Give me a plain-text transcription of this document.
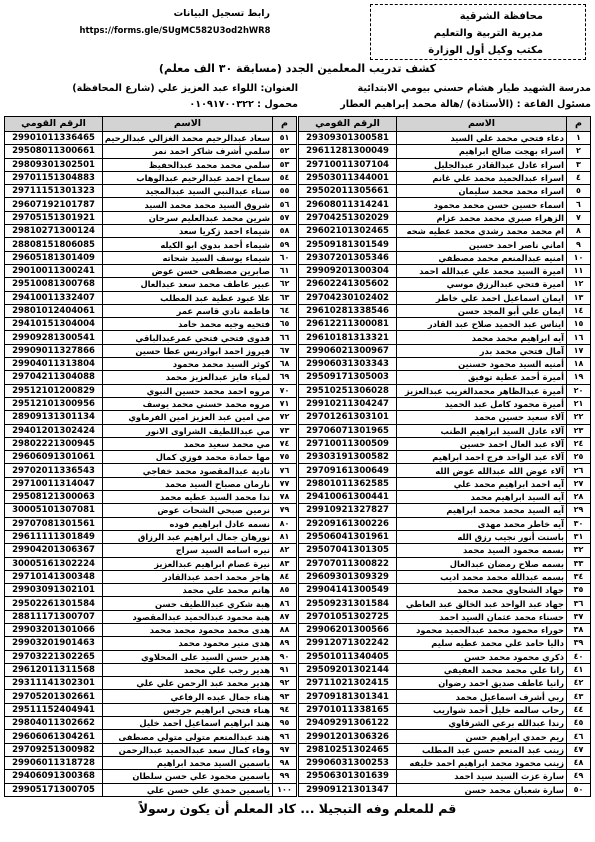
رابط تسجيل البيانات
https://forms.gle/SUgMC582U3od2hWR8
محافظة الشرقية
مديرية التربية والتعليم
مكتب وكيل أول الوزارة
كشف تدريب المعلمين الجدد (مسابقة ٣٠ الف معلم)
مدرسة الشهيد طيار هشام حسني بيومي الابتدائية
مسئول القاعة : (الأستاذة) /هالة محمد إبراهيم العطار
العنوان: اللواء عبد العزيز علي (شارع المحافظة)
محمول : ٠١٠٩١٧٠٠٣٢٢
م	الاسم	الرقم القومي
١	دعاء فتحي محمد علي السيد	29309301300581
٢	اسراء بهجت صالح ابراهيم	29611281300049
٣	اسراء عادل عبدالقادر عبدالجليل	29710011307104
٤	اسراء عبدالحميد محمد علي غانم	29503011344001
٥	اسراء محمد محمد سليمان	29502011305661
٦	اسماء حسين حسن محمد محمود	29608011314241
٧	الزهراء صبري محمد محمد عزام	29704251302029
٨	ام محمد محمد رشدي محمد عطيه شحه	29602101302465
٩	اماني ناصر احمد حسين	29509181301549
١٠	امنيه عبدالمنعم محمد مصطفي	29307201305346
١١	اميرة السيد محمد علي عبدالله احمد	29909201300304
١٢	اميرة فتحي عبدالرزق موسي	29602241305602
١٣	ايمان اسماعيل احمد علي خاطر	29704230102402
١٤	ايمان علي أبو المجد حسن	29610281338546
١٥	ايناس عبد الحميد صلاح عبد القادر	29612211300081
١٦	آيه ابراهيم محمد محمد	29610181313321
١٧	آمال فتحي محمد بدر	29906021300967
١٨	أمنيه السيد محمود حسنين	29906031303343
١٩	أميرة أحمد عطية توفيق	29509171305003
٢٠	أميرة عبدالظاهر محمدالغريب عبدالعزيز	29510251306028
٢١	أميرة محمود كامل عبد الحميد	29910211304247
٢٢	آلاء سعيد حسين محمد	29701261303101
٢٣	آلاء عادل السيد ابراهيم الطنب	29706071301965
٢٤	آلاء عبد العال احمد حسين	29710011300509
٢٥	آلاء عبد الواحد فرج احمد ابراهيم	29303191300582
٢٦	آلاء عوض الله عبدالله عوض الله	29709161300649
٢٧	آيه احمد ابراهيم محمد علي	29801011362585
٢٨	آيه السيد ابراهيم محمد	29410061300441
٢٩	آيه السيد محمد محمد ابراهيم	29910921327827
٣٠	آيه خاطر محمد مهدى	29209161300226
٣١	باسنت أنور نجيب رزق الله	29506041301961
٣٢	بسمه محمود السيد محمد	29507041301305
٣٣	بسمه صلاح رمضان عبدالعال	29707011300822
٣٤	بسمه عبدالله محمد محمد اديب	29609301309329
٣٥	جهاد الشحاوي محمد محمد	29904141300549
٣٦	جهاد عبد الواحد عبد الخالق عبد العاطي	29509231301584
٣٧	حسناء محمد عثمان السيد احمد	29701051302725
٣٨	حوراء محمود محمد عبدالحميد محمود	29906201300566
٣٩	داليا حامد علي محمد عطيه سليم	29912071302242
٤٠	ذكري محمود محمد حسن	29501011340405
٤١	رانا علي محمد محمد العفيفي	29509201302144
٤٢	رانيا عاطف صديق احمد رضوان	29711021302415
٤٣	ربي أشرف اسماعيل محمد	29709181301341
٤٤	رحاب سالمه خليل أحمد شواريب	29701011338165
٤٥	رندا عبدالله برعي الشرقاوي	29409291306122
٤٦	ريم حمدي ابراهيم حسن	29901201306326
٤٧	زينب عبد المنعم حسن عبد المطلب	29810251302465
٤٨	زينب محمود محمد ابراهيم احمد خليفه	29906031300253
٤٩	سارة عزت السيد سيد احمد	29506301301639
٥٠	سارة شعبان محمد حسن	29909121301347
م	الاسم	الرقم القومي
٥١	سعاد عبدالرحيم محمد الغزالي عبدالرحيم	29901011336465
٥٢	سلمي أشرف شاكر احمد نمر	29508011300661
٥٣	سلمي محمد محمد عبدالحفيظ	29809301302501
٥٤	سماح احمد عبدالرحيم عبدالوهاب	29701151304883
٥٥	سناء عبدالنبي السيد عبدالمجيد	29711151301323
٥٦	شروق السيد محمد محمد السيد	29607192101787
٥٧	شرين محمد عبدالعليم سرحان	29705151301921
٥٨	شيماء احمد زكريا سعد	29810271300124
٥٩	شيماء أحمد بدوي ابو الكيله	28808151806085
٦٠	شيماء يوسف السيد شحاته	29605181301409
٦١	صابرين مصطفى حسن عوض	29010011300241
٦٢	عبير عاطف محمد سعد عبدالعال	29510081300768
٦٣	علا عبود عطية عبد المطلب	29410011332407
٦٤	فاطمة نادي قاسم عمر	29801012404061
٦٥	فتحيه وجيه محمد حامد	29410151304004
٦٦	فدوى فتحي فتحي عمرعبدالباقي	29909281300541
٦٧	فيروز احمد ابوادريس عطا حسين	29909011327866
٦٨	كوثر السيد محمد محمود	29904011313804
٦٩	لمياء فايز عبدالعزيز محمد	29704211304088
٧٠	مروه احمد محمد حسين النبوي	29512101200829
٧١	مروه محمد حسني محمد يوسف	29512101300956
٧٢	مي امين عبد العزيز امين الفرماوي	28909131301134
٧٣	مي عبداللطيف الشراوى الانور	29401201302424
٧٤	مي محمد سعيد محمد	29802221300945
٧٥	مها حمادة محمد فوزي كمال	29606091301061
٧٦	نادية عبدالمقصود محمد خفاجي	29702011336543
٧٧	نارمان مصباح السيد محمد	29710011314047
٧٨	ندا محمد السيد عطيه محمد	29508121300063
٧٩	نرمين صبحي الشحات عوض	30005101307081
٨٠	نسمه عادل ابراهيم فوده	29707081301561
٨١	نورهان جمال ابراهيم عبد الرزاق	29611111301849
٨٢	نيره اسامه السيد سراج	29904201306367
٨٣	نيرة عصام ابراهيم عبدالعزيز	30005161302224
٨٤	هاجر محمد احمد عبدالقادر	29710141300348
٨٥	هانم محمد علي محمد	29903091302101
٨٦	هبة شكري عبداللطيف حسن	29502261301584
٨٧	هبة محمود عبدالحميد عبدالمقصود	28811171300707
٨٨	هدى محمد محمود محمد محمد	29903201301066
٨٩	هدى منير محمود محمد	29903201901463
٩٠	هدير حسن السيد على المحلاوي	29703221302265
٩١	هدير رجب علي محمد	29612011311568
٩٢	هدير محمد عبد الرحمن علي علي	29311141302301
٩٣	هناء جمال عبده الرفاعي	29705201302661
٩٤	هناء فتحي ابراهيم جرجس	29511152404941
٩٥	هند ابراهيم اسماعيل احمد خليل	29804011302662
٩٦	هند عبدالمنعم متولى متولي مصطفى	29606061304261
٩٧	وفاء كمال سعد عبدالحميد عبدالرحمن	29709251300982
٩٨	ياسمين السيد محمد ابراهيم	29906011318728
٩٩	ياسمين محمود علي حسن سلطان	29406091300368
١٠٠	ياسمين حمدي علي حسن علي	29905171300705
قم للمعلم وفه التبجيلا ... كاد المعلم أن يكون رسولاً
